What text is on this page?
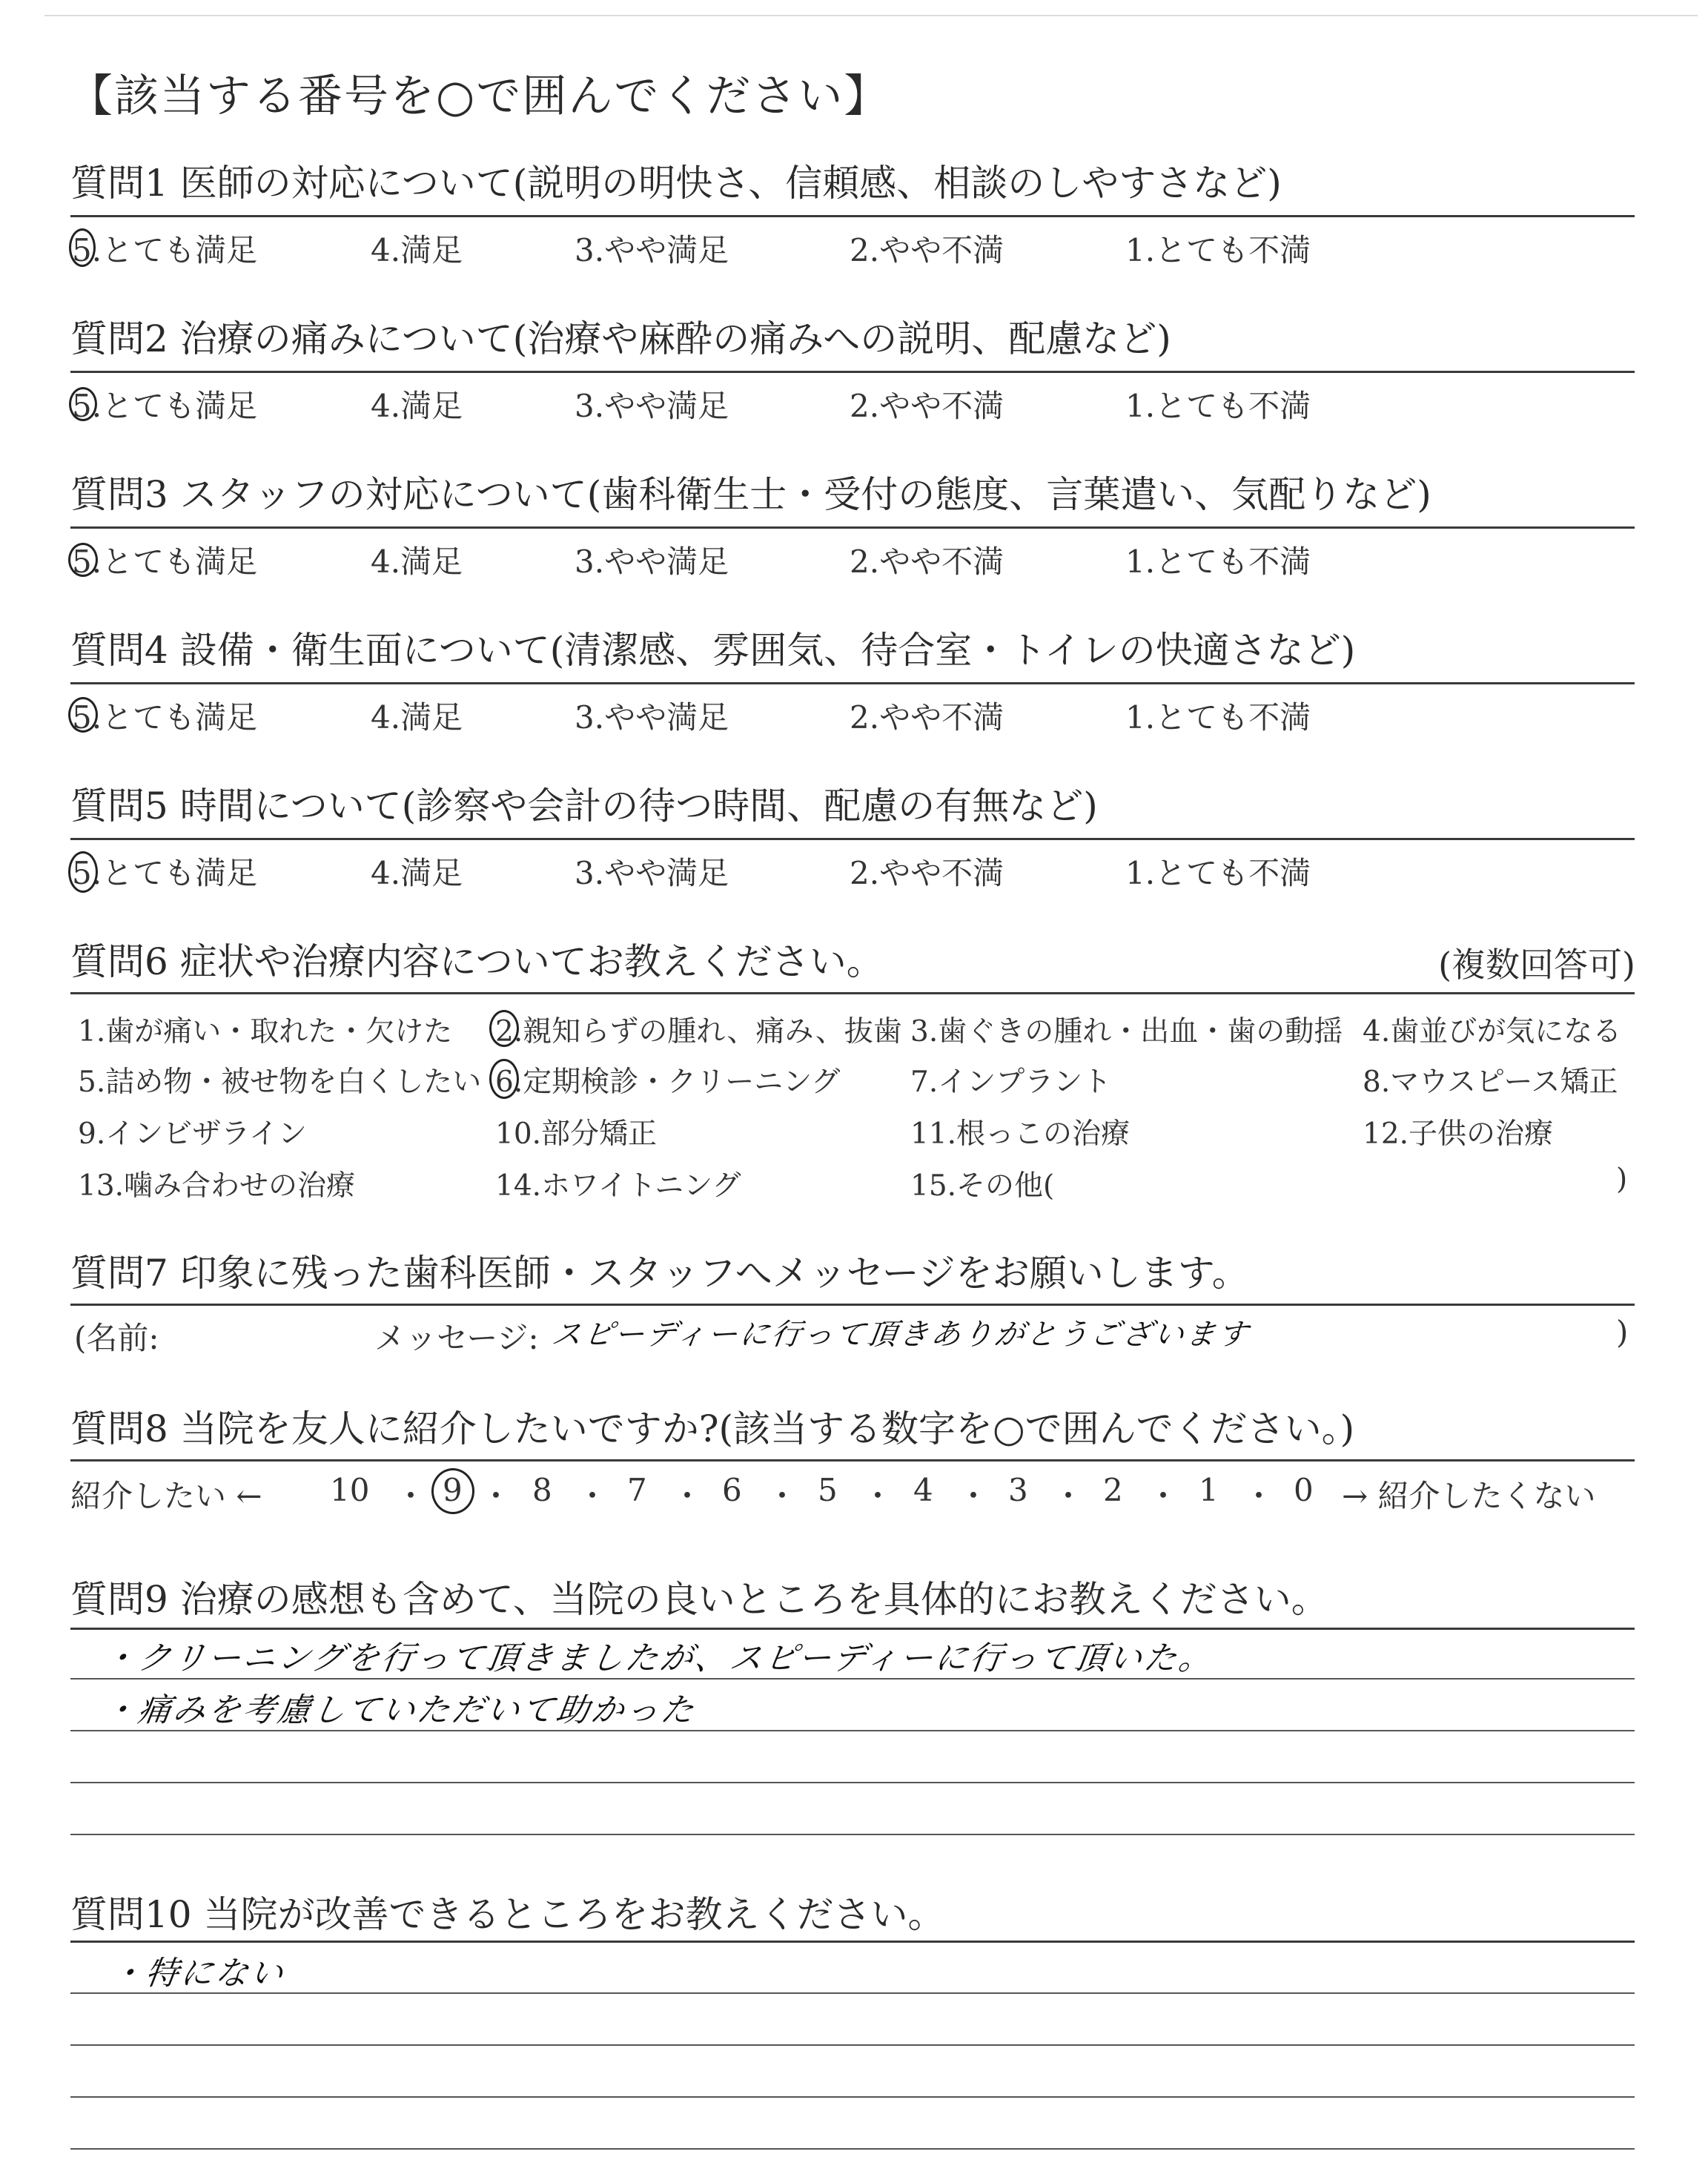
【該当する番号を○で囲んでください】
質問1 医師の対応について(説明の明快さ、信頼感、相談のしやすさなど)
5.とても満足	4.満足	3.やや満足	2.やや不満	1.とても不満
質問2 治療の痛みについて(治療や麻酔の痛みへの説明、配慮など)
5.とても満足	4.満足	3.やや満足	2.やや不満	1.とても不満
質問3 スタッフの対応について(歯科衛生士・受付の態度、言葉遣い、気配りなど)
5.とても満足	4.満足	3.やや満足	2.やや不満	1.とても不満
質問4 設備・衛生面について(清潔感、雰囲気、待合室・トイレの快適さなど)
5.とても満足	4.満足	3.やや満足	2.やや不満	1.とても不満
質問5 時間について(診察や会計の待つ時間、配慮の有無など)
5.とても満足	4.満足	3.やや満足	2.やや不満	1.とても不満
質問6 症状や治療内容についてお教えください。	(複数回答可)
1.歯が痛い・取れた・欠けた 2.親知らずの腫れ、痛み、抜歯 3.歯ぐきの腫れ・出血・歯の動揺 4.歯並びが気になる
5.詰め物・被せ物を白くしたい 6.定期検診・クリーニング 7.インプラント	8.マウスピース矯正
9.インビザライン	10.部分矯正	11.根っこの治療	12.子供の治療
13.噛み合わせの治療	14.ホワイトニング	15.その他(	)
質問7 印象に残った歯科医師・スタッフへメッセージをお願いします。
(名前:	メッセージ: スピーディーに行って頂きありがとうございます	)
質問8 当院を友人に紹介したいですか?(該当する数字を○で囲んでください。)
紹介したい ← 10 ・ 9 ・ 8 ・ 7 ・ 6 ・ 5 ・ 4 ・ 3 ・ 2 ・ 1 ・ 0 → 紹介したくない
質問9 治療の感想も含めて、当院の良いところを具体的にお教えください。
・クリーニングを行って頂きましたが、スピーディーに行って頂いた。
・痛みを考慮していただいて助かった
質問10 当院が改善できるところをお教えください。
・特にない
